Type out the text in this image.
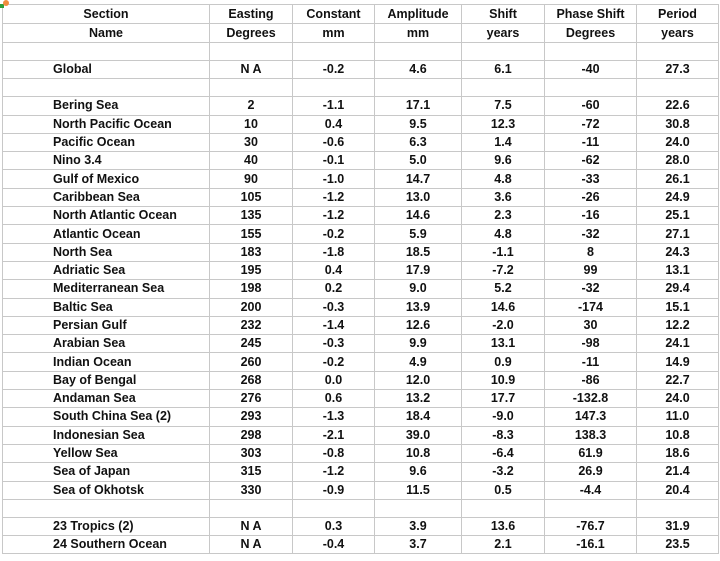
Section	Easting	Constant	Amplitude	Shift	Phase Shift	Period
Name	Degrees	mm	mm	years	Degrees	years

Global	N A	-0.2	4.6	6.1	-40	27.3

Bering Sea	2	-1.1	17.1	7.5	-60	22.6
North Pacific Ocean	10	0.4	9.5	12.3	-72	30.8
Pacific Ocean	30	-0.6	6.3	1.4	-11	24.0
Nino 3.4	40	-0.1	5.0	9.6	-62	28.0
Gulf of Mexico	90	-1.0	14.7	4.8	-33	26.1
Caribbean Sea	105	-1.2	13.0	3.6	-26	24.9
North Atlantic Ocean	135	-1.2	14.6	2.3	-16	25.1
Atlantic Ocean	155	-0.2	5.9	4.8	-32	27.1
North Sea	183	-1.8	18.5	-1.1	8	24.3
Adriatic Sea	195	0.4	17.9	-7.2	99	13.1
Mediterranean Sea	198	0.2	9.0	5.2	-32	29.4
Baltic Sea	200	-0.3	13.9	14.6	-174	15.1
Persian Gulf	232	-1.4	12.6	-2.0	30	12.2
Arabian Sea	245	-0.3	9.9	13.1	-98	24.1
Indian Ocean	260	-0.2	4.9	0.9	-11	14.9
Bay of Bengal	268	0.0	12.0	10.9	-86	22.7
Andaman Sea	276	0.6	13.2	17.7	-132.8	24.0
South China Sea (2)	293	-1.3	18.4	-9.0	147.3	11.0
Indonesian Sea	298	-2.1	39.0	-8.3	138.3	10.8
Yellow Sea	303	-0.8	10.8	-6.4	61.9	18.6
Sea of Japan	315	-1.2	9.6	-3.2	26.9	21.4
Sea of Okhotsk	330	-0.9	11.5	0.5	-4.4	20.4

23 Tropics (2)	N A	0.3	3.9	13.6	-76.7	31.9
24 Southern Ocean	N A	-0.4	3.7	2.1	-16.1	23.5
